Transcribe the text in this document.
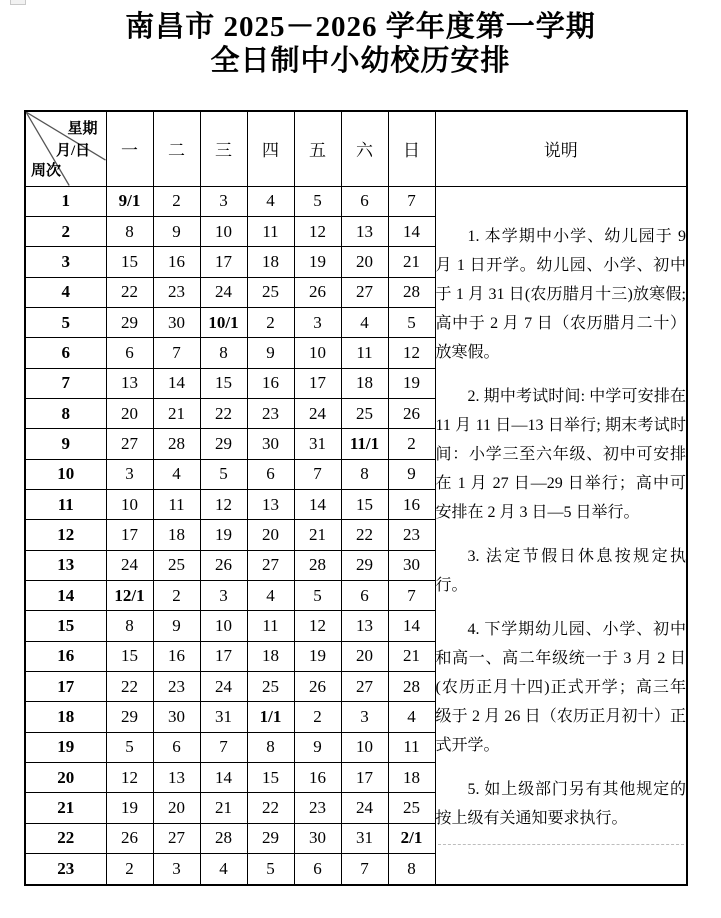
南昌市 2025－2026 学年度第一学期
全日制中小幼校历安排
星期
月/日
周次	一	二	三	四	五	六	日	说明
1	9/1	2	3	4	5	6	7	1. 本学期中小学、幼儿园于 9 月 1 日开学。幼儿园、小学、初中于 1 月 31 日(农历腊月十三)放寒假; 高中于 2 月 7 日（农历腊月二十）放寒假。

2. 期中考试时间: 中学可安排在 11 月 11 日—13 日举行; 期末考试时间：小学三至六年级、初中可安排在 1 月 27 日—29 日举行；高中可安排在 2 月 3 日—5 日举行。

3. 法定节假日休息按规定执行。

4. 下学期幼儿园、小学、初中和高一、高二年级统一于 3 月 2 日(农历正月十四)正式开学；高三年级于 2 月 26 日（农历正月初十）正式开学。

5. 如上级部门另有其他规定的按上级有关通知要求执行。

2	8	9	10	11	12	13	14	
3	15	16	17	18	19	20	21	
4	22	23	24	25	26	27	28	
5	29	30	10/1	2	3	4	5	
6	6	7	8	9	10	11	12	
7	13	14	15	16	17	18	19	
8	20	21	22	23	24	25	26	
9	27	28	29	30	31	11/1	2	
10	3	4	5	6	7	8	9	
11	10	11	12	13	14	15	16	
12	17	18	19	20	21	22	23	
13	24	25	26	27	28	29	30	
14	12/1	2	3	4	5	6	7	
15	8	9	10	11	12	13	14	
16	15	16	17	18	19	20	21	
17	22	23	24	25	26	27	28	
18	29	30	31	1/1	2	3	4	
19	5	6	7	8	9	10	11	
20	12	13	14	15	16	17	18	
21	19	20	21	22	23	24	25	
22	26	27	28	29	30	31	2/1	
23	2	3	4	5	6	7	8	
